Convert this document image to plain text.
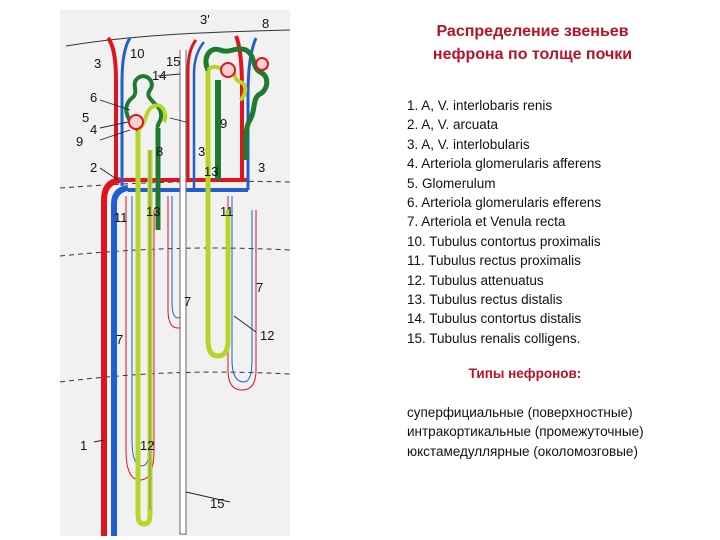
3'	8
3
10
14
15
6
5
4
9
8	3
9
2	13	3
11 13	11
7
7
7	12
1	12
15
Распределение звеньев
нефрона по толще почки
1. A, V. interlobaris renis
2. A, V. arcuata
3. A, V. interlobularis
4. Arteriola glomerularis afferens
5. Glomerulum
6. Arteriola glomerularis efferens
7. Arteriola et Venula recta
10. Tubulus contortus proximalis
11. Tubulus rectus proximalis
12. Tubulus attenuatus
13. Tubulus rectus distalis
14. Tubulus contortus distalis
15. Tubulus renalis colligens.
Типы нефронов:
суперфициальные (поверхностные)
интракортикальные (промежуточные)
юкстамедуллярные (околомозговые)
